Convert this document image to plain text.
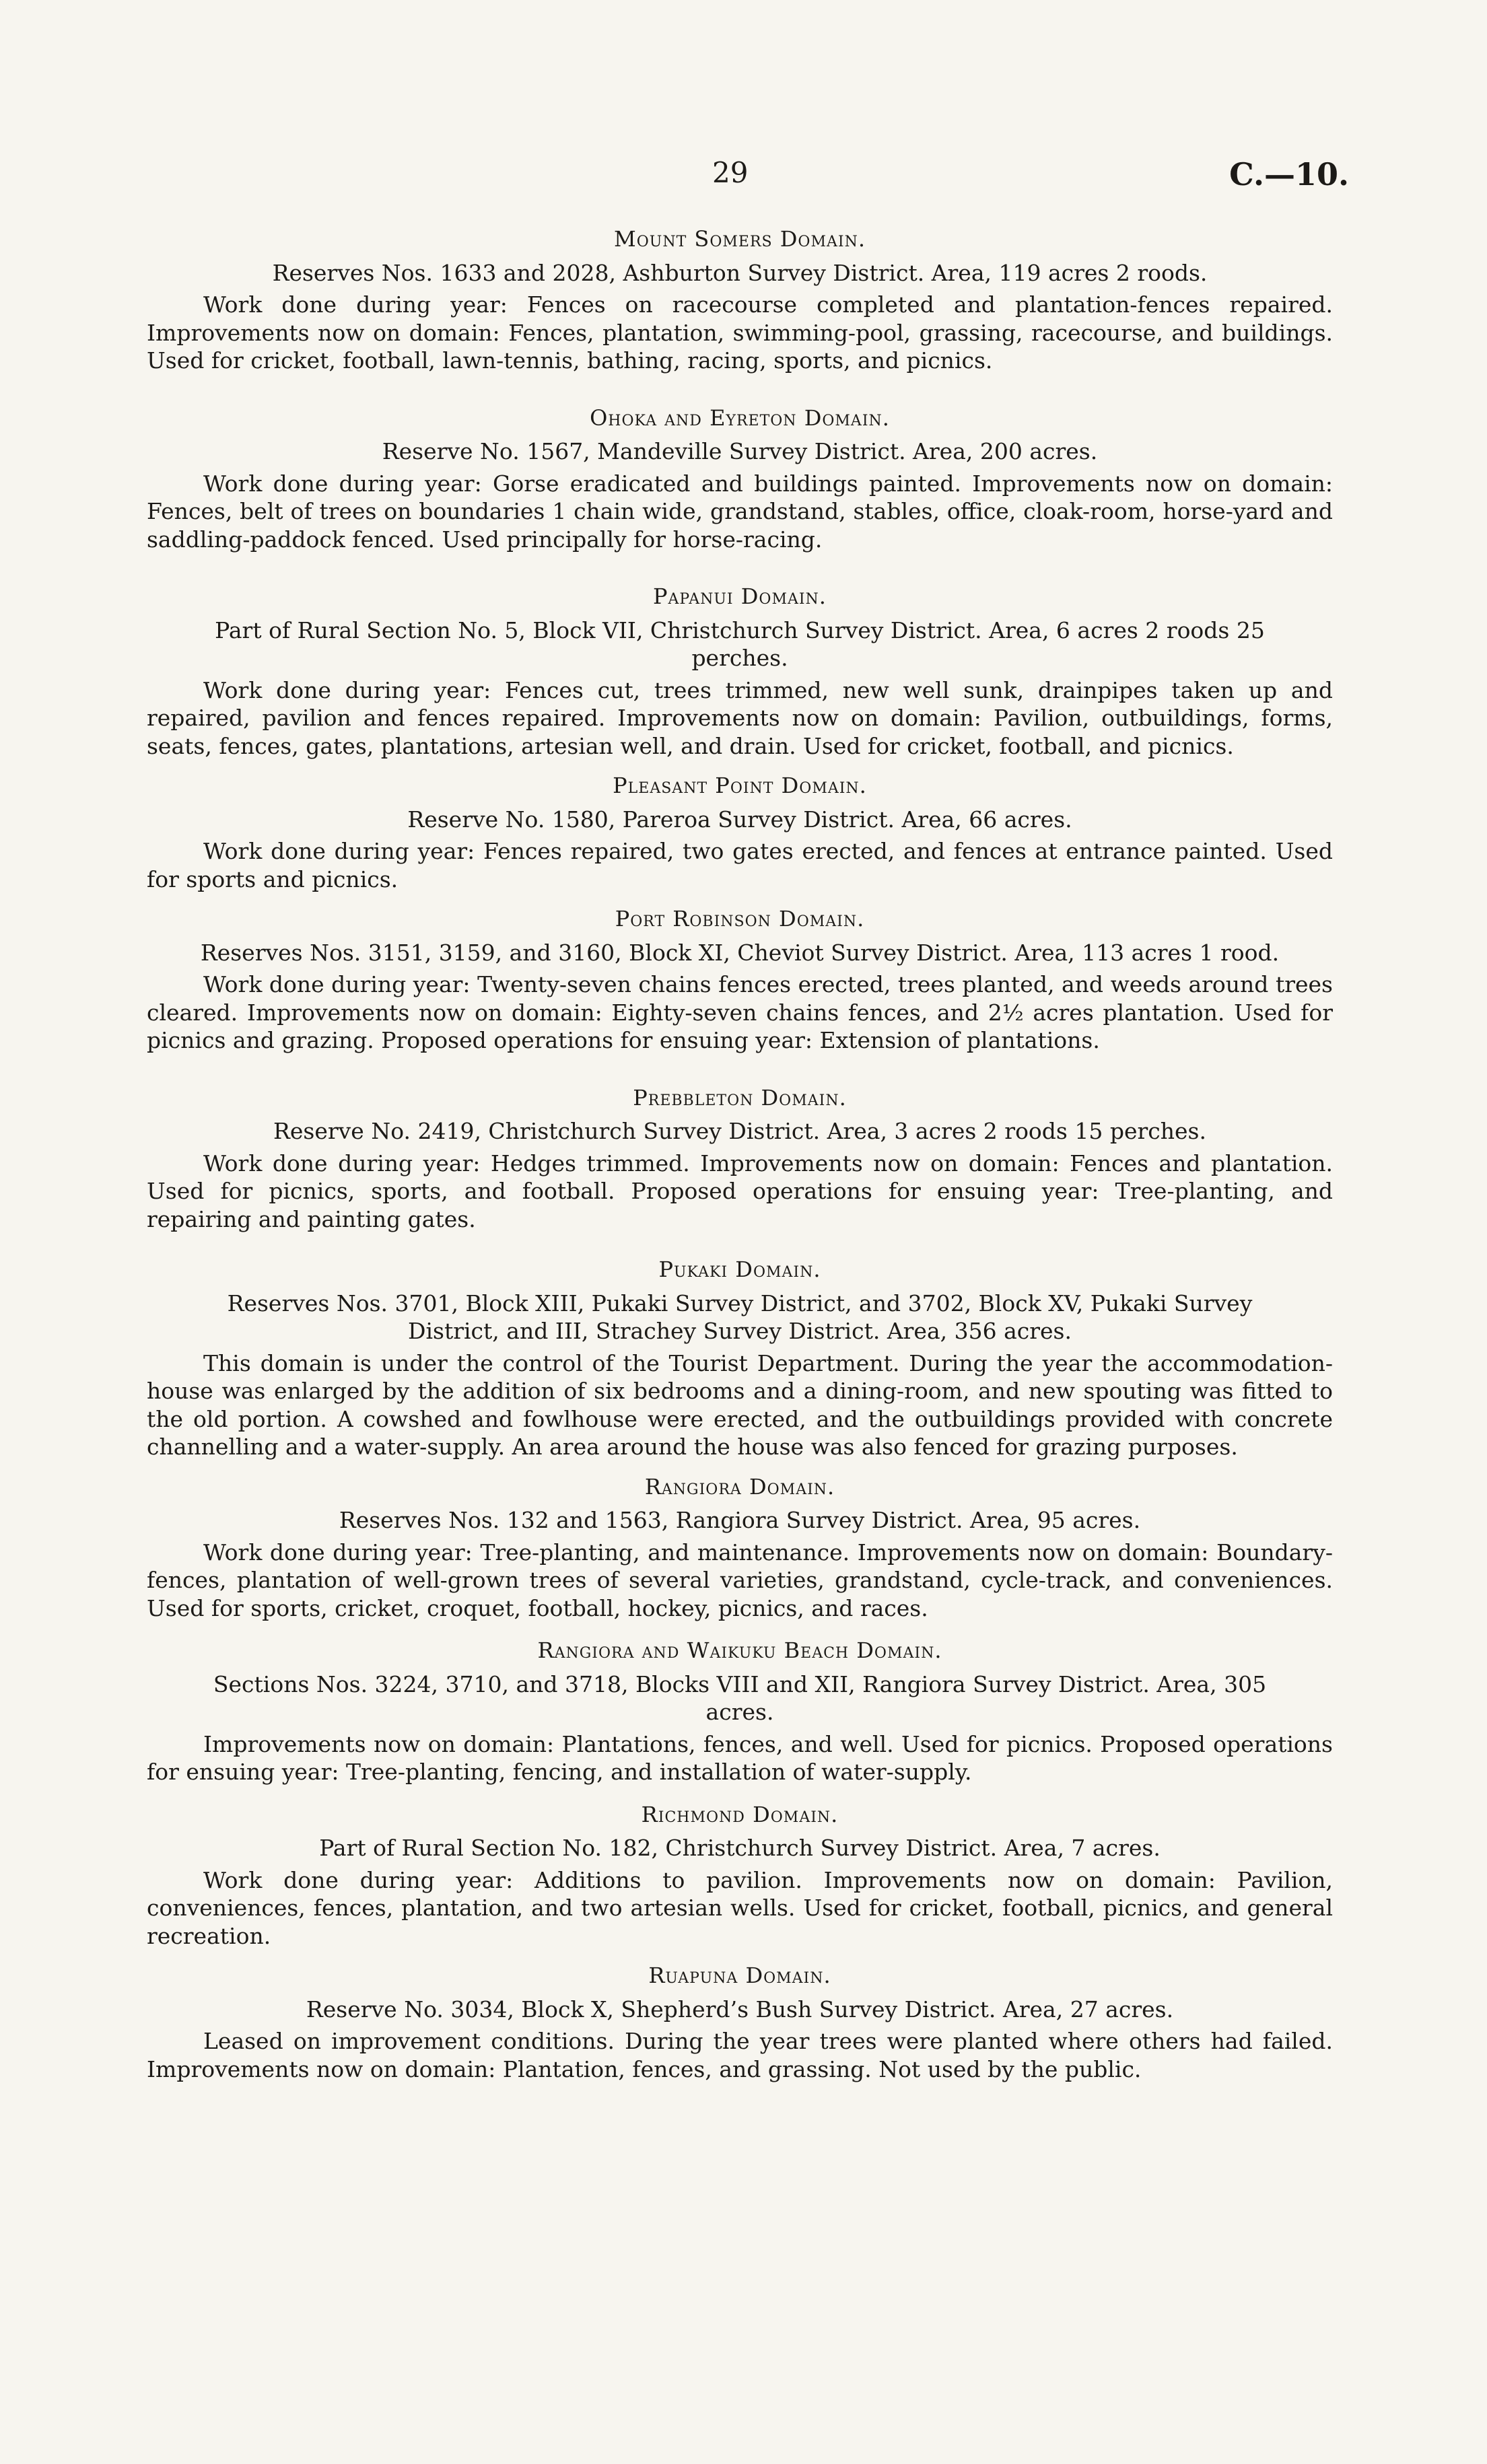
29	C.—10.
Mount Somers Domain.
Reserves Nos. 1633 and 2028, Ashburton Survey District. Area, 119 acres 2 roods.

Work done during year: Fences on racecourse completed and plantation-fences repaired. Improvements now on domain: Fences, plantation, swimming-pool, grassing, racecourse, and buildings. Used for cricket, football, lawn-tennis, bathing, racing, sports, and picnics.

Ohoka and Eyreton Domain.
Reserve No. 1567, Mandeville Survey District. Area, 200 acres.

Work done during year: Gorse eradicated and buildings painted. Improvements now on domain: Fences, belt of trees on boundaries 1 chain wide, grandstand, stables, office, cloak-room, horse-yard and saddling-paddock fenced. Used principally for horse-racing.

Papanui Domain.
Part of Rural Section No. 5, Block VII, Christchurch Survey District. Area, 6 acres 2 roods 25 perches.

Work done during year: Fences cut, trees trimmed, new well sunk, drainpipes taken up and repaired, pavilion and fences repaired. Improvements now on domain: Pavilion, outbuildings, forms, seats, fences, gates, plantations, artesian well, and drain. Used for cricket, football, and picnics.

Pleasant Point Domain.
Reserve No. 1580, Pareroa Survey District. Area, 66 acres.

Work done during year: Fences repaired, two gates erected, and fences at entrance painted. Used for sports and picnics.

Port Robinson Domain.
Reserves Nos. 3151, 3159, and 3160, Block XI, Cheviot Survey District. Area, 113 acres 1 rood.

Work done during year: Twenty-seven chains fences erected, trees planted, and weeds around trees cleared. Improvements now on domain: Eighty-seven chains fences, and 2½ acres plantation. Used for picnics and grazing. Proposed operations for ensuing year: Extension of plantations.

Prebbleton Domain.
Reserve No. 2419, Christchurch Survey District. Area, 3 acres 2 roods 15 perches.

Work done during year: Hedges trimmed. Improvements now on domain: Fences and plantation. Used for picnics, sports, and football. Proposed operations for ensuing year: Tree-planting, and repairing and painting gates.

Pukaki Domain.
Reserves Nos. 3701, Block XIII, Pukaki Survey District, and 3702, Block XV, Pukaki Survey District, and III, Strachey Survey District. Area, 356 acres.

This domain is under the control of the Tourist Department. During the year the accommodation-house was enlarged by the addition of six bedrooms and a dining-room, and new spouting was fitted to the old portion. A cowshed and fowlhouse were erected, and the outbuildings provided with concrete channelling and a water-supply. An area around the house was also fenced for grazing purposes.

Rangiora Domain.
Reserves Nos. 132 and 1563, Rangiora Survey District. Area, 95 acres.

Work done during year: Tree-planting, and maintenance. Improvements now on domain: Boundary-fences, plantation of well-grown trees of several varieties, grandstand, cycle-track, and conveniences. Used for sports, cricket, croquet, football, hockey, picnics, and races.

Rangiora and Waikuku Beach Domain.
Sections Nos. 3224, 3710, and 3718, Blocks VIII and XII, Rangiora Survey District. Area, 305 acres.

Improvements now on domain: Plantations, fences, and well. Used for picnics. Proposed operations for ensuing year: Tree-planting, fencing, and installation of water-supply.

Richmond Domain.
Part of Rural Section No. 182, Christchurch Survey District. Area, 7 acres.

Work done during year: Additions to pavilion. Improvements now on domain: Pavilion, conveniences, fences, plantation, and two artesian wells. Used for cricket, football, picnics, and general recreation.

Ruapuna Domain.
Reserve No. 3034, Block X, Shepherd’s Bush Survey District. Area, 27 acres.

Leased on improvement conditions. During the year trees were planted where others had failed. Improvements now on domain: Plantation, fences, and grassing. Not used by the public.
